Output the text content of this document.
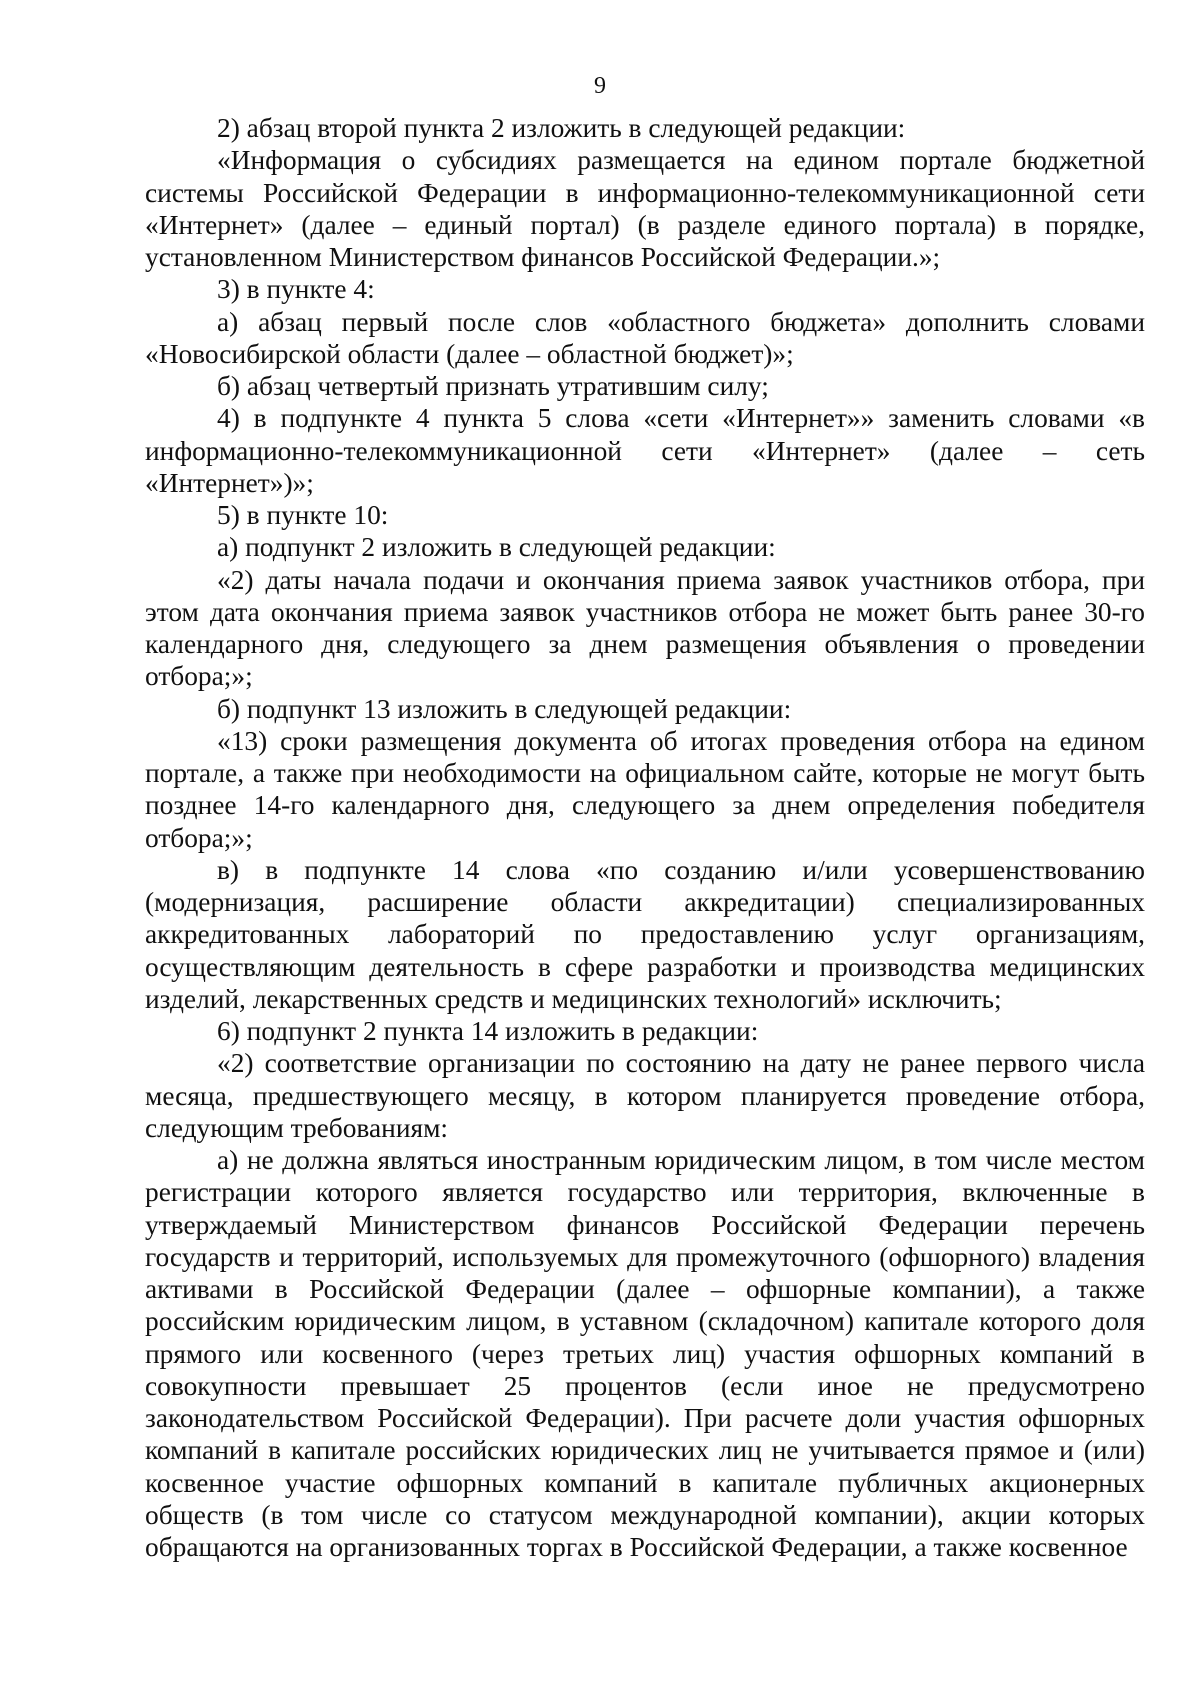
9

2) абзац второй пункта 2 изложить в следующей редакции:

«Информация о субсидиях размещается на едином портале бюджетной системы Российской Федерации в информационно-телекоммуникационной сети «Интернет» (далее – единый портал) (в разделе единого портала) в порядке, установленном Министерством финансов Российской Федерации.»;

3) в пункте 4:

а) абзац первый после слов «областного бюджета» дополнить словами «Новосибирской области (далее – областной бюджет)»;

б) абзац четвертый признать утратившим силу;

4) в подпункте 4 пункта 5 слова «сети «Интернет»» заменить словами «в информационно-телекоммуникационной сети «Интернет» (далее – сеть «Интернет»)»;

5) в пункте 10:

а) подпункт 2 изложить в следующей редакции:

«2) даты начала подачи и окончания приема заявок участников отбора, при этом дата окончания приема заявок участников отбора не может быть ранее 30-го календарного дня, следующего за днем размещения объявления о проведении отбора;»;

б) подпункт 13 изложить в следующей редакции:

«13) сроки размещения документа об итогах проведения отбора на едином портале, а также при необходимости на официальном сайте, которые не могут быть позднее 14-го календарного дня, следующего за днем определения победителя отбора;»;

в) в подпункте 14 слова «по созданию и/или усовершенствованию (модернизация, расширение области аккредитации) специализированных аккредитованных лабораторий по предоставлению услуг организациям, осуществляющим деятельность в сфере разработки и производства медицинских изделий, лекарственных средств и медицинских технологий» исключить;

6) подпункт 2 пункта 14 изложить в редакции:

«2) соответствие организации по состоянию на дату не ранее первого числа месяца, предшествующего месяцу, в котором планируется проведение отбора, следующим требованиям:

а) не должна являться иностранным юридическим лицом, в том числе местом регистрации которого является государство или территория, включенные в утверждаемый Министерством финансов Российской Федерации перечень государств и территорий, используемых для промежуточного (офшорного) владения активами в Российской Федерации (далее – офшорные компании), а также российским юридическим лицом, в уставном (складочном) капитале которого доля прямого или косвенного (через третьих лиц) участия офшорных компаний в совокупности превышает 25 процентов (если иное не предусмотрено законодательством Российской Федерации). При расчете доли участия офшорных компаний в капитале российских юридических лиц не учитывается прямое и (или) косвенное участие офшорных компаний в капитале публичных акционерных обществ (в том числе со статусом международной компании), акции которых обращаются на организованных торгах в Российской Федерации, а также косвенное
